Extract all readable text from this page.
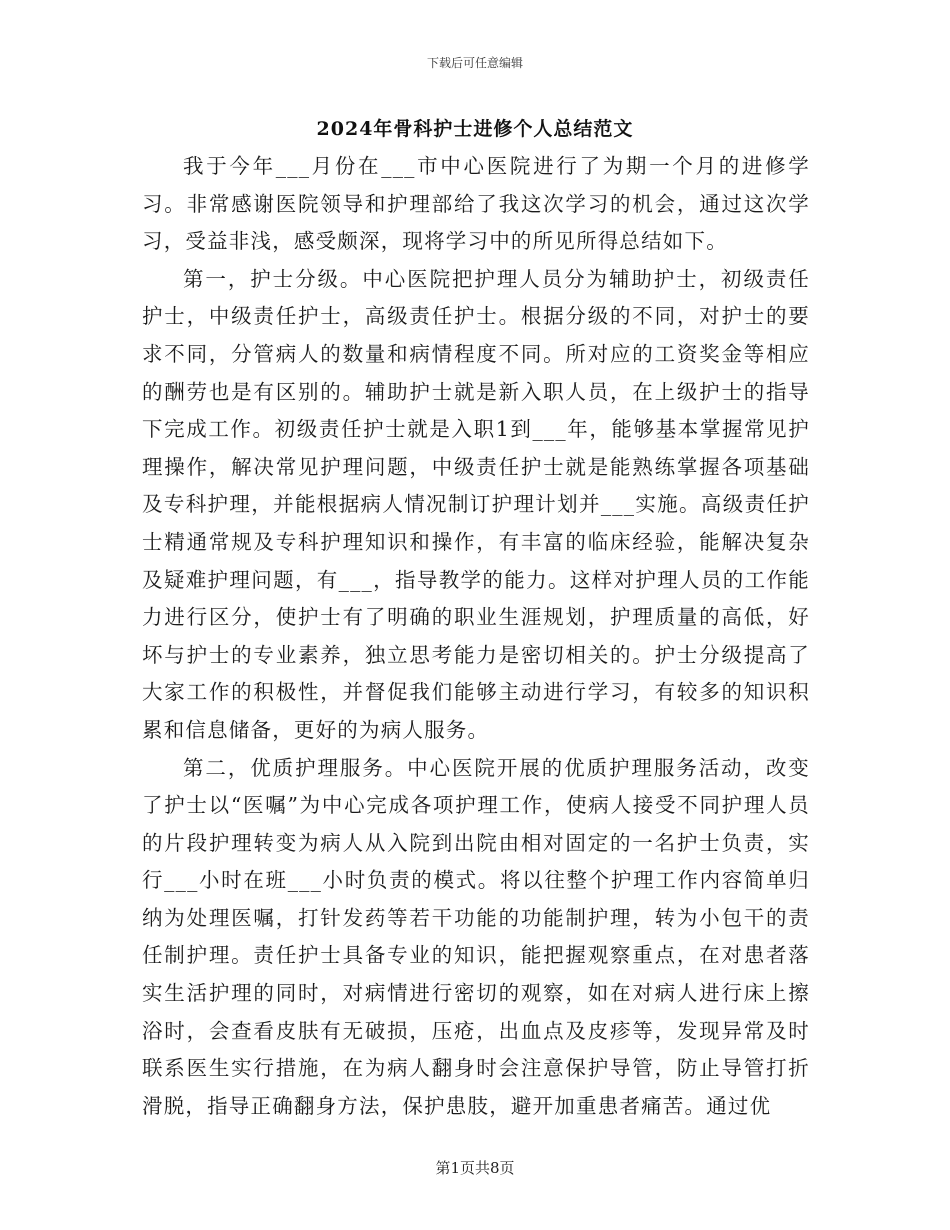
下载后可任意编辑
2024年骨科护士进修个人总结范文

我于今年___月份在___市中心医院进行了为期一个月的进修学习。非常感谢医院领导和护理部给了我这次学习的机会，通过这次学习，受益非浅，感受颇深，现将学习中的所见所得总结如下。

第一，护士分级。中心医院把护理人员分为辅助护士，初级责任护士，中级责任护士，高级责任护士。根据分级的不同，对护士的要求不同，分管病人的数量和病情程度不同。所对应的工资奖金等相应的酬劳也是有区别的。辅助护士就是新入职人员，在上级护士的指导下完成工作。初级责任护士就是入职1到___年，能够基本掌握常见护理操作，解决常见护理问题，中级责任护士就是能熟练掌握各项基础及专科护理，并能根据病人情况制订护理计划并___实施。高级责任护士精通常规及专科护理知识和操作，有丰富的临床经验，能解决复杂及疑难护理问题，有___，指导教学的能力。这样对护理人员的工作能力进行区分，使护士有了明确的职业生涯规划，护理质量的高低，好坏与护士的专业素养，独立思考能力是密切相关的。护士分级提高了大家工作的积极性，并督促我们能够主动进行学习，有较多的知识积累和信息储备，更好的为病人服务。

第二，优质护理服务。中心医院开展的优质护理服务活动，改变了护士以“医嘱”为中心完成各项护理工作，使病人接受不同护理人员的片段护理转变为病人从入院到出院由相对固定的一名护士负责，实行___小时在班___小时负责的模式。将以往整个护理工作内容简单归纳为处理医嘱，打针发药等若干功能的功能制护理，转为小包干的责任制护理。责任护士具备专业的知识，能把握观察重点，在对患者落实生活护理的同时，对病情进行密切的观察，如在对病人进行床上擦浴时，会查看皮肤有无破损，压疮，出血点及皮疹等，发现异常及时联系医生实行措施，在为病人翻身时会注意保护导管，防止导管打折滑脱，指导正确翻身方法，保护患肢，避开加重患者痛苦。通过优

第1页共8页
